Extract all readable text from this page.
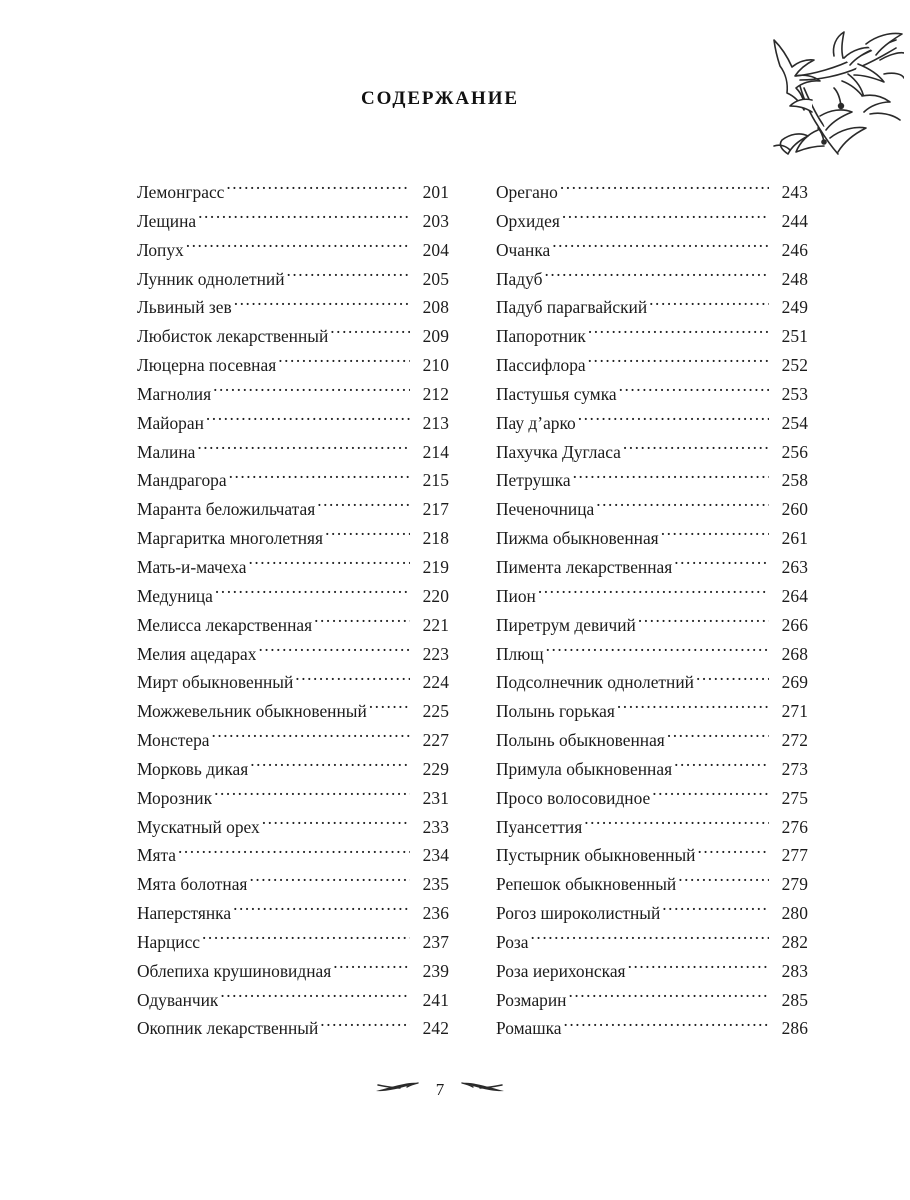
СОДЕРЖАНИЕ
Лемонграсс .....	201
Лещина .....	203
Лопух .....	204
Лунник однолетний .....	205
Львиный зев .....	208
Любисток лекарственный .....	209
Люцерна посевная .....	210
Магнолия .....	212
Майоран .....	213
Малина .....	214
Мандрагора .....	215
Маранта беложильчатая .....	217
Маргаритка многолетняя .....	218
Мать-и-мачеха .....	219
Медуница .....	220
Мелисса лекарственная .....	221
Мелия ацедарах .....	223
Мирт обыкновенный .....	224
Можжевельник обыкновенный .....	225
Монстера .....	227
Морковь дикая .....	229
Морозник .....	231
Мускатный орех .....	233
Мята .....	234
Мята болотная .....	235
Наперстянка .....	236
Нарцисс .....	237
Облепиха крушиновидная .....	239
Одуванчик .....	241
Окопник лекарственный .....	242
Орегано .....	243
Орхидея .....	244
Очанка .....	246
Падуб .....	248
Падуб парагвайский .....	249
Папоротник .....	251
Пассифлора .....	252
Пастушья сумка .....	253
Пау д’арко .....	254
Пахучка Дугласа .....	256
Петрушка .....	258
Печеночница .....	260
Пижма обыкновенная .....	261
Пимента лекарственная .....	263
Пион .....	264
Пиретрум девичий .....	266
Плющ .....	268
Подсолнечник однолетний .....	269
Полынь горькая .....	271
Полынь обыкновенная .....	272
Примула обыкновенная .....	273
Просо волосовидное .....	275
Пуансеттия .....	276
Пустырник обыкновенный .....	277
Репешок обыкновенный .....	279
Рогоз широколистный .....	280
Роза .....	282
Роза иерихонская .....	283
Розмарин .....	285
Ромашка .....	286
7
